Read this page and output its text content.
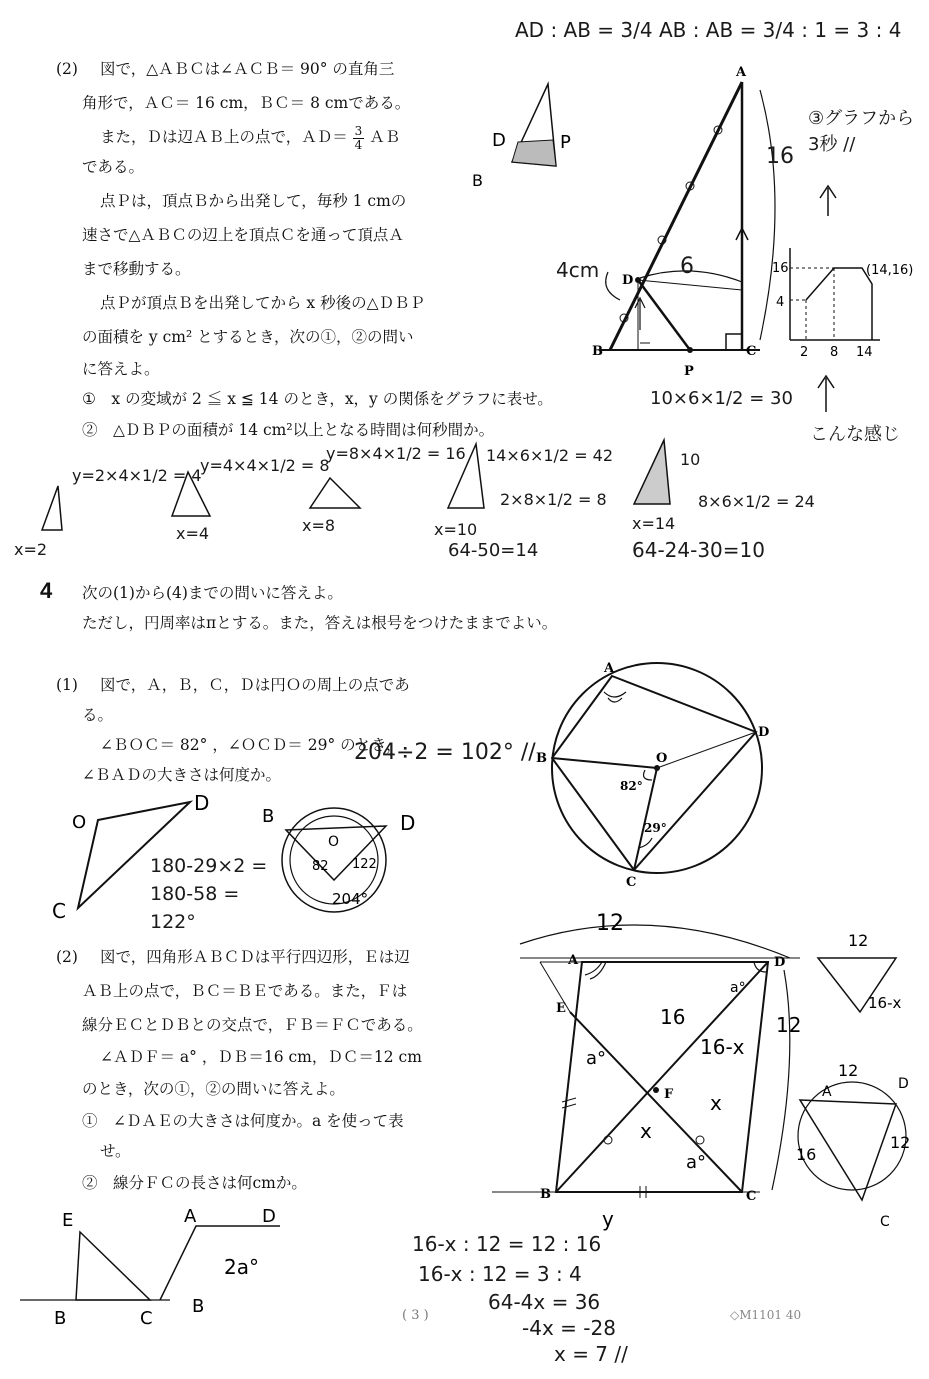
(2) 図で，△ＡＢＣは∠ＡＣＢ＝ 90° の直角三
角形で，ＡＣ＝ 16 cm，ＢＣ＝ 8 cmである。
また，Ｄは辺ＡＢ上の点で，ＡＤ＝ $\frac{3}{4}$ ＡＢ
である。
点Ｐは，頂点Ｂから出発して，毎秒 1 cmの
速さで△ＡＢＣの辺上を頂点Ｃを通って頂点Ａ
まで移動する。
点Ｐが頂点Ｂを出発してから x 秒後の△ＤＢＰ
の面積を y cm² とするとき，次の①，②の問い
に答えよ。
①　x の変域が 2 ≦ x ≦ 14 のとき，x，y の関係をグラフに表せ。
②　△ＤＢＰの面積が 14 cm²以上となる時間は何秒間か。
AD : AB = 3/4 AB : AB = 3/4 : 1 = 3 : 4
A
B	C
D
P
D	P
B
16
4cm	6
③グラフから 3秒 //
こんな感じ
10×6×1/2 = 30
16
4
2 8 14
(14,16)
y=2×4×1/2 = 4
x=2
y=4×4×1/2 = 8
x=4
y=8×4×1/2 = 16
x=8
14×6×1/2 = 42
2×8×1/2 = 8
x=10
64-50=14
10
8×6×1/2 = 24
x=14
64-24-30=10
4 次の(1)から(4)までの問いに答えよ。
ただし，円周率はπとする。また，答えは根号をつけたままでよい。
(1) 図で，Ａ，Ｂ，Ｃ，Ｄは円Ｏの周上の点であ
る。
∠ＢＯＣ＝ 82° ，∠ＯＣＤ＝ 29° のとき，
∠ＢＡＤの大きさは何度か。
A
B
C
D
O
82°
29°
204÷2 = 102° //
180-29×2 = 180-58 = 122°
O
D
C
B	D
O
82 122
204°
(2) 図で，四角形ＡＢＣＤは平行四辺形，Ｅは辺
ＡＢ上の点で，ＢＣ＝ＢＥである。また，Ｆは
線分ＥＣとＤＢとの交点で，ＦＢ＝ＦＣである。
∠ＡＤＦ＝ a° ，ＤＢ＝16 cm，ＤＣ＝12 cm
のとき，次の①，②の問いに答えよ。
①　∠ＤＡＥの大きさは何度か。a を使って表
せ。
②　線分ＦＣの長さは何cmか。
A
B	C
D
E
F
12
16
16-x
12
x
x
a°
a°
a°
y
12
16-x
12
16
12
A	D
C
E
B	C
A	D
B
2a°
16-x : 12 = 12 : 16
16-x : 12 = 3 : 4
64-4x = 36
-4x = -28
x = 7 //
( 3 )	◇M1101 40
